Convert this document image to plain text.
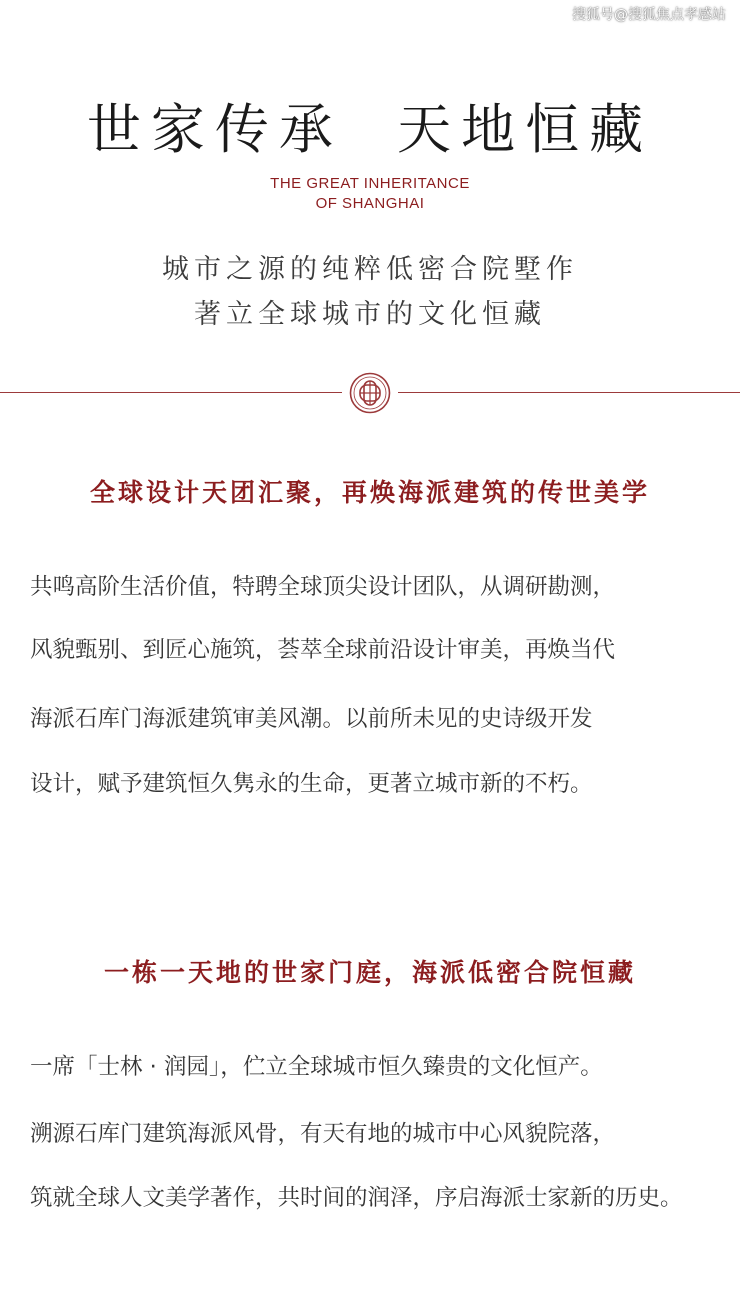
搜狐号@搜狐焦点孝感站
世家传承  天地恒藏
THE GREAT INHERITANCE
OF SHANGHAI
城市之源的纯粹低密合院墅作
著立全球城市的文化恒藏
全球设计天团汇聚，再焕海派建筑的传世美学
共鸣高阶生活价值，特聘全球顶尖设计团队，从调研勘测，
风貌甄别、到匠心施筑，荟萃全球前沿设计审美，再焕当代
海派石库门海派建筑审美风潮。以前所未见的史诗级开发
设计，赋予建筑恒久隽永的生命，更著立城市新的不朽。
一栋一天地的世家门庭，海派低密合院恒藏
一席「士林 · 润园」，伫立全球城市恒久臻贵的文化恒产。
溯源石库门建筑海派风骨，有天有地的城市中心风貌院落，
筑就全球人文美学著作，共时间的润泽，序启海派士家新的历史。
